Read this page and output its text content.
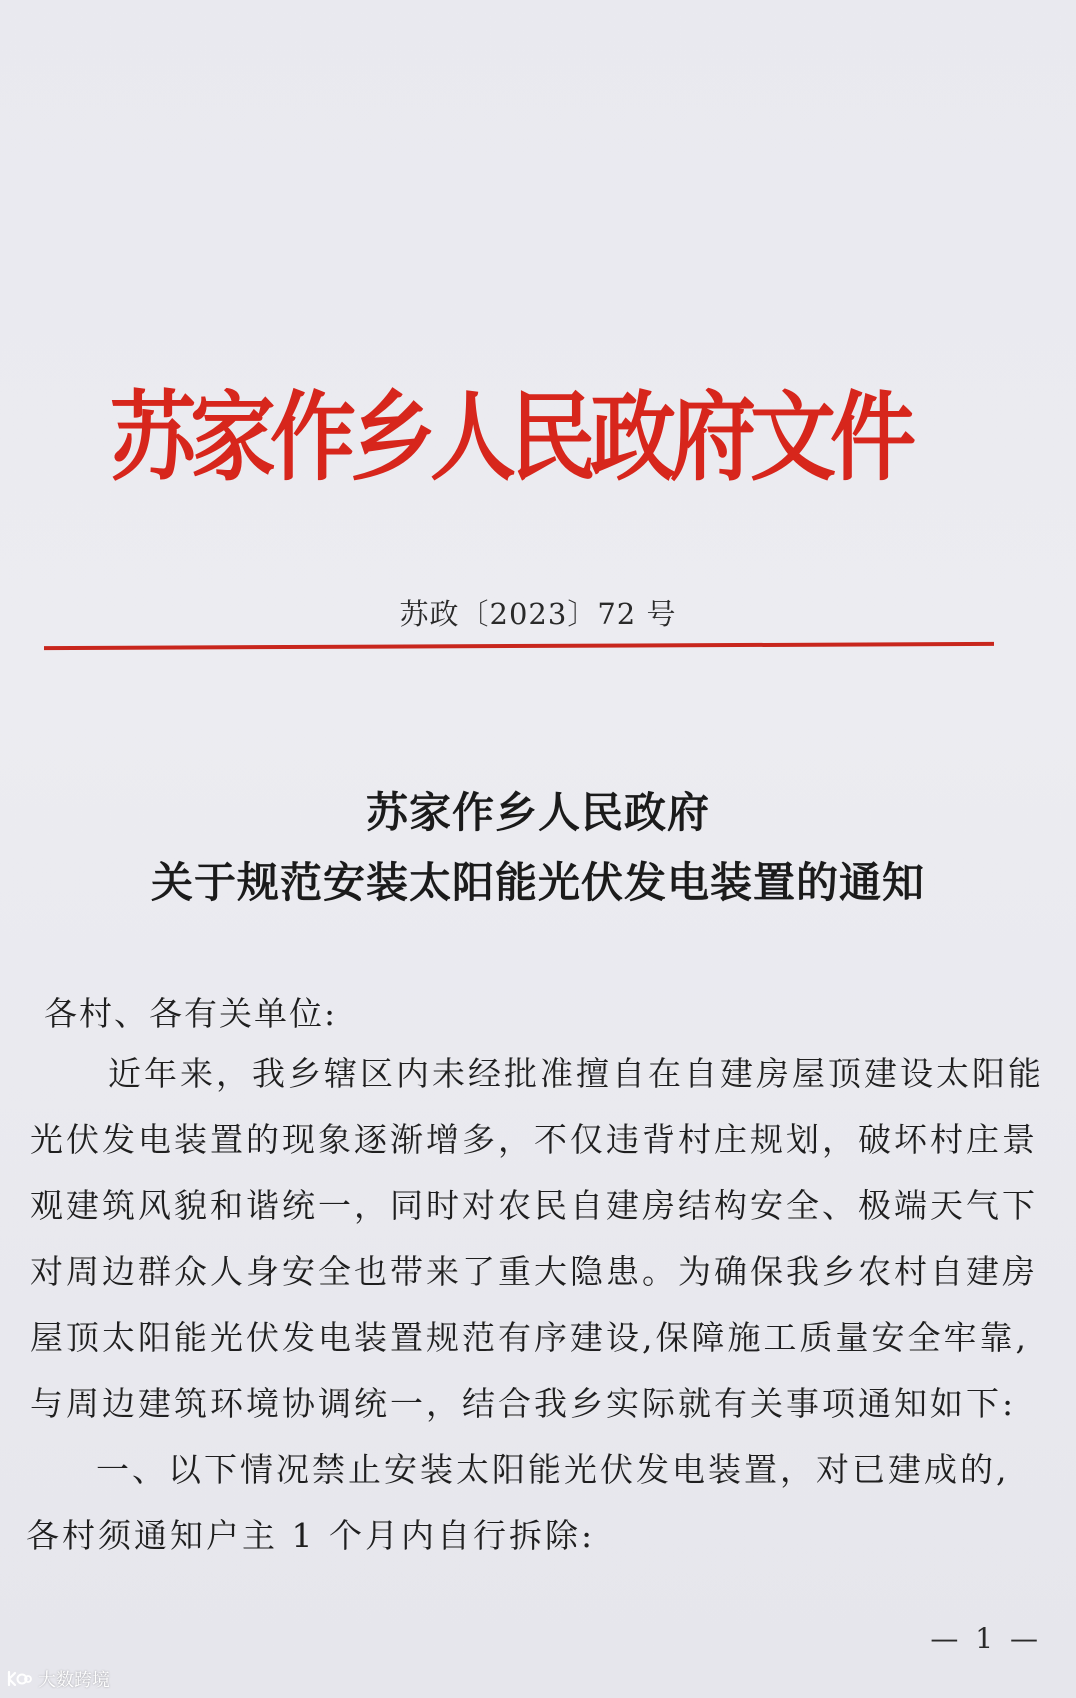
苏家作乡人民政府文件
苏政〔2023〕72 号
苏家作乡人民政府
关于规范安装太阳能光伏发电装置的通知
各村、各有关单位:
近年来，我乡辖区内未经批准擅自在自建房屋顶建设太阳能
光伏发电装置的现象逐渐增多，不仅违背村庄规划，破坏村庄景
观建筑风貌和谐统一，同时对农民自建房结构安全、极端天气下
对周边群众人身安全也带来了重大隐患。为确保我乡农村自建房
屋顶太阳能光伏发电装置规范有序建设,保障施工质量安全牢靠,
与周边建筑环境协调统一，结合我乡实际就有关事项通知如下:
一、以下情况禁止安装太阳能光伏发电装置，对已建成的,
各村须通知户主 1 个月内自行拆除:
— 1 —
大数跨境
